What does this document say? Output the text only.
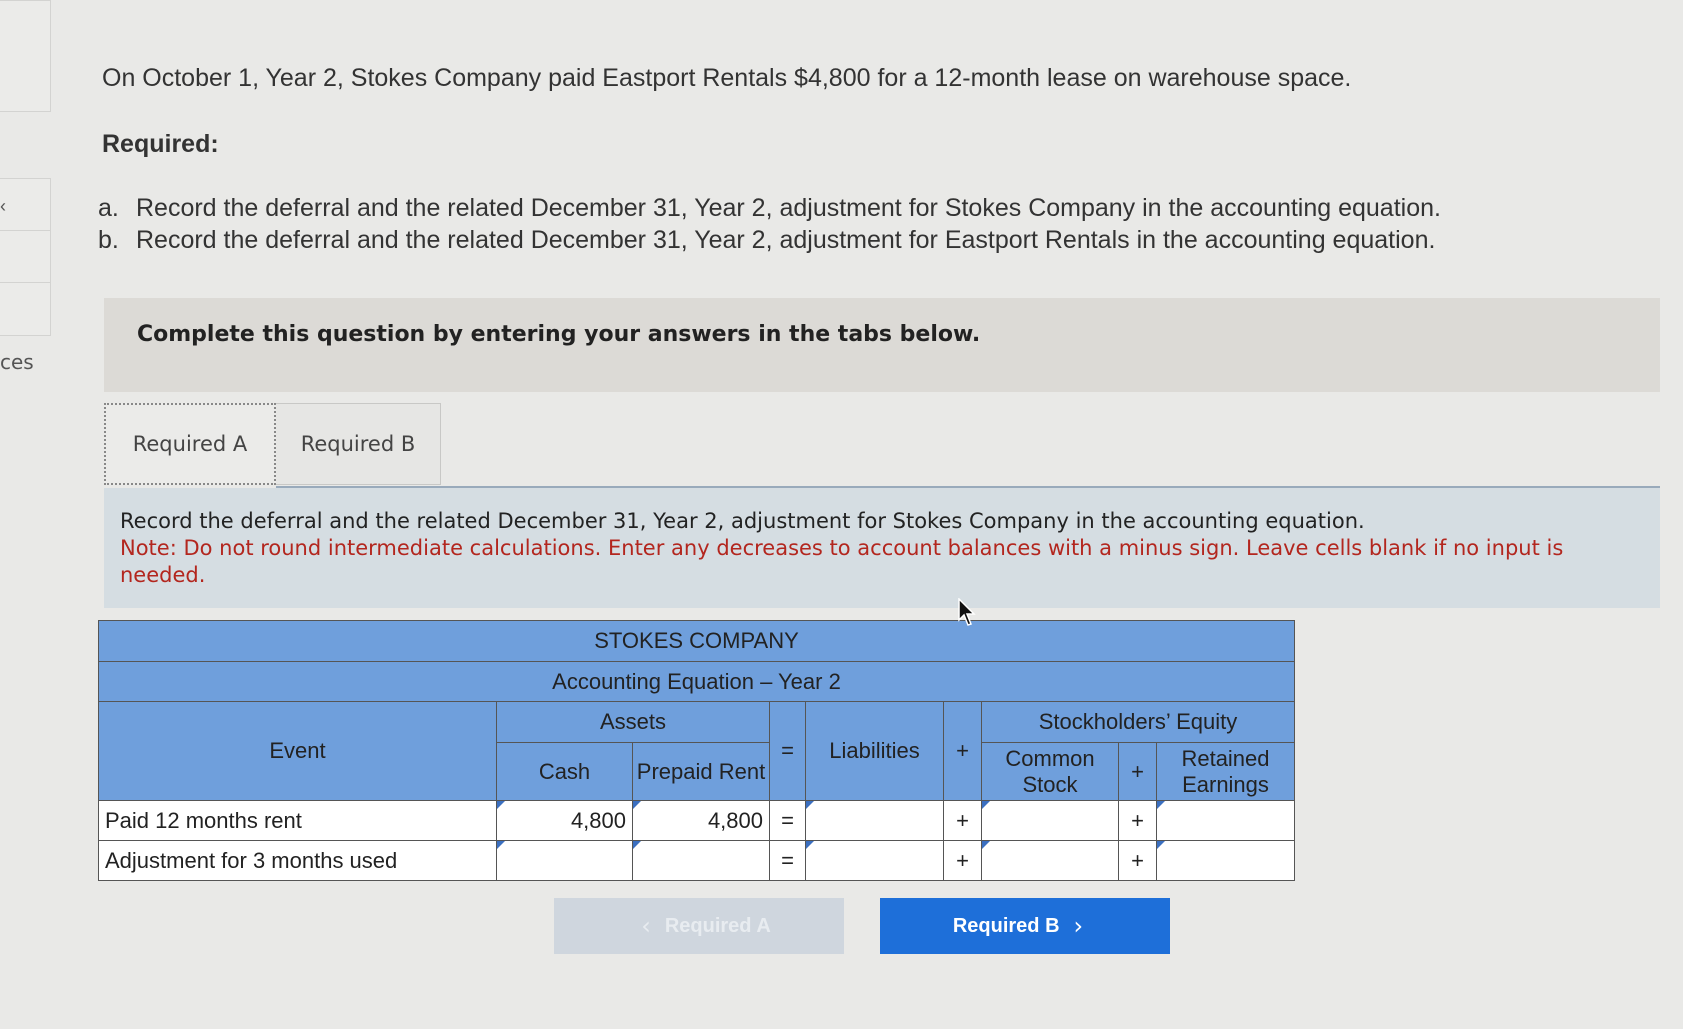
‹
ces
On October 1, Year 2, Stokes Company paid Eastport Rentals $4,800 for a 12-month lease on warehouse space.
Required:
a. Record the deferral and the related December 31, Year 2, adjustment for Stokes Company in the accounting equation.
b. Record the deferral and the related December 31, Year 2, adjustment for Eastport Rentals in the accounting equation.
Complete this question by entering your answers in the tabs below.
Required A	Required B
Record the deferral and the related December 31, Year 2, adjustment for Stokes Company in the accounting equation.
Note: Do not round intermediate calculations. Enter any decreases to account balances with a minus sign. Leave cells blank if no input is needed.
STOKES COMPANY								
Accounting Equation – Year 2								
Event	Assets		=	Liabilities	+	Stockholders’ Equity		
	Cash	Prepaid Rent				Common Stock	+	Retained Earnings
Paid 12 months rent	4,800	4,800	=		+		+	
Adjustment for 3 months used			=		+		+	
‹ Required A	Required B ›
